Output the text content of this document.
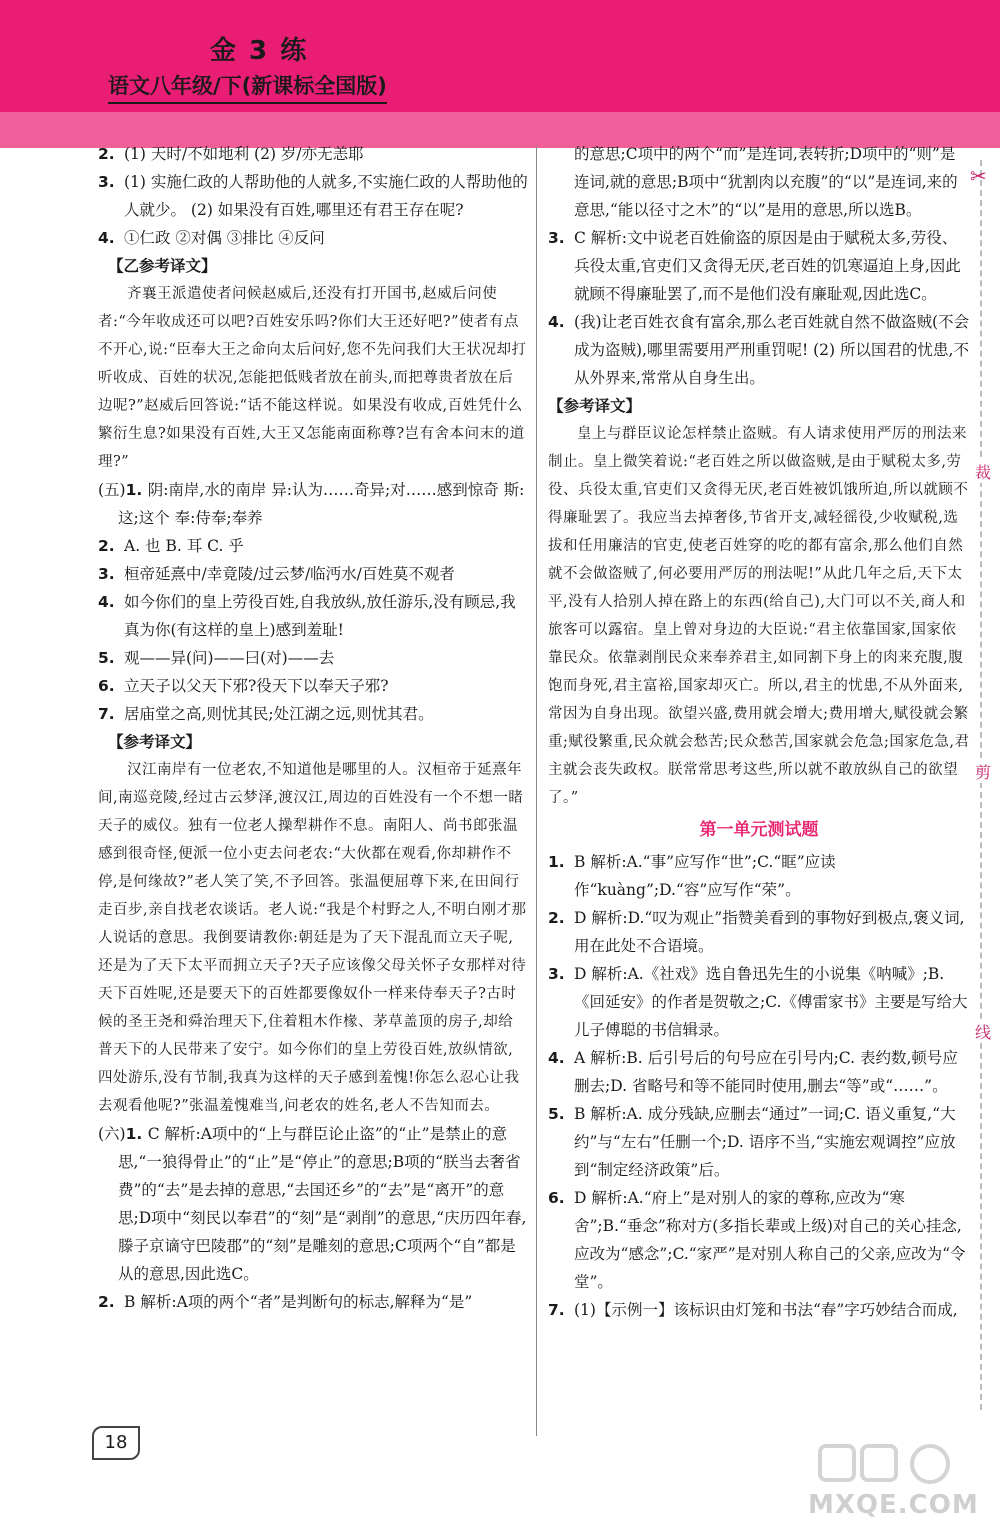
金 3 练
语文八年级/下(新课标全国版)

2. (1) 天时/不如地利 (2) 岁/亦无恙耶

3. (1) 实施仁政的人帮助他的人就多,不实施仁政的人帮助他的人就少。 (2) 如果没有百姓,哪里还有君王存在呢?

4. ①仁政 ②对偶 ③排比 ④反问

【乙参考译文】

齐襄王派遣使者问候赵威后,还没有打开国书,赵威后问使者:“今年收成还可以吧?百姓安乐吗?你们大王还好吧?”使者有点不开心,说:“臣奉大王之命向太后问好,您不先问我们大王状况却打听收成、百姓的状况,怎能把低贱者放在前头,而把尊贵者放在后边呢?”赵威后回答说:“话不能这样说。如果没有收成,百姓凭什么繁衍生息?如果没有百姓,大王又怎能南面称尊?岂有舍本问末的道理?”

(五)1. 阴:南岸,水的南岸 异:认为……奇异;对……感到惊奇 斯:这;这个 奉:侍奉;奉养

2. A. 也 B. 耳 C. 乎

3. 桓帝延熹中/幸竟陵/过云梦/临沔水/百姓莫不观者

4. 如今你们的皇上劳役百姓,自我放纵,放任游乐,没有顾忌,我真为你(有这样的皇上)感到羞耻!

5. 观——异(问)——曰(对)——去

6. 立天子以父天下邪?役天下以奉天子邪?

7. 居庙堂之高,则忧其民;处江湖之远,则忧其君。

【参考译文】

汉江南岸有一位老农,不知道他是哪里的人。汉桓帝于延熹年间,南巡竞陵,经过古云梦泽,渡汉江,周边的百姓没有一个不想一睹天子的威仪。独有一位老人操犁耕作不息。南阳人、尚书郎张温感到很奇怪,便派一位小吏去问老农:“大伙都在观看,你却耕作不停,是何缘故?”老人笑了笑,不予回答。张温便屈尊下来,在田间行走百步,亲自找老农谈话。老人说:“我是个村野之人,不明白刚才那人说话的意思。我倒要请教你:朝廷是为了天下混乱而立天子呢,还是为了天下太平而拥立天子?天子应该像父母关怀子女那样对待天下百姓呢,还是要天下的百姓都要像奴仆一样来侍奉天子?古时候的圣王尧和舜治理天下,住着粗木作椽、茅草盖顶的房子,却给普天下的人民带来了安宁。如今你们的皇上劳役百姓,放纵情欲,四处游乐,没有节制,我真为这样的天子感到羞愧!你怎么忍心让我去观看他呢?”张温羞愧难当,问老农的姓名,老人不告知而去。

(六)1. C 解析:A项中的“上与群臣论止盗”的“止”是禁止的意思,“一狼得骨止”的“止”是“停止”的意思;B项的“朕当去奢省费”的“去”是去掉的意思,“去国还乡”的“去”是“离开”的意思;D项中“刻民以奉君”的“刻”是“剥削”的意思,“庆历四年春,滕子京谪守巴陵郡”的“刻”是雕刻的意思;C项两个“自”都是从的意思,因此选C。

2. B 解析:A项的两个“者”是判断句的标志,解释为“是”

的意思;C项中的两个“而”是连词,表转折;D项中的“则”是连词,就的意思;B项中“犹割肉以充腹”的“以”是连词,来的意思,“能以径寸之木”的“以”是用的意思,所以选B。

3. C 解析:文中说老百姓偷盗的原因是由于赋税太多,劳役、兵役太重,官吏们又贪得无厌,老百姓的饥寒逼迫上身,因此就顾不得廉耻罢了,而不是他们没有廉耻观,因此选C。

4. (我)让老百姓衣食有富余,那么老百姓就自然不做盗贼(不会成为盗贼),哪里需要用严刑重罚呢! (2) 所以国君的忧患,不从外界来,常常从自身生出。

【参考译文】

皇上与群臣议论怎样禁止盗贼。有人请求使用严厉的刑法来制止。皇上微笑着说:“老百姓之所以做盗贼,是由于赋税太多,劳役、兵役太重,官吏们又贪得无厌,老百姓被饥饿所迫,所以就顾不得廉耻罢了。我应当去掉奢侈,节省开支,减轻徭役,少收赋税,选拔和任用廉洁的官吏,使老百姓穿的吃的都有富余,那么他们自然就不会做盗贼了,何必要用严厉的刑法呢!”从此几年之后,天下太平,没有人拾别人掉在路上的东西(给自己),大门可以不关,商人和旅客可以露宿。皇上曾对身边的大臣说:“君主依靠国家,国家依靠民众。依靠剥削民众来奉养君主,如同割下身上的肉来充腹,腹饱而身死,君主富裕,国家却灭亡。所以,君主的忧患,不从外面来,常因为自身出现。欲望兴盛,费用就会增大;费用增大,赋役就会繁重;赋役繁重,民众就会愁苦;民众愁苦,国家就会危急;国家危急,君主就会丧失政权。朕常常思考这些,所以就不敢放纵自己的欲望了。”

第一单元测试题

1. B 解析:A.“事”应写作“世”;C.“眶”应读作“kuàng”;D.“容”应写作“荣”。

2. D 解析:D.“叹为观止”指赞美看到的事物好到极点,褒义词,用在此处不合语境。

3. D 解析:A.《社戏》选自鲁迅先生的小说集《呐喊》;B.《回延安》的作者是贺敬之;C.《傅雷家书》主要是写给大儿子傅聪的书信辑录。

4. A 解析:B. 后引号后的句号应在引号内;C. 表约数,顿号应删去;D. 省略号和等不能同时使用,删去“等”或“……”。

5. B 解析:A. 成分残缺,应删去“通过”一词;C. 语义重复,“大约”与“左右”任删一个;D. 语序不当,“实施宏观调控”应放到“制定经济政策”后。

6. D 解析:A.“府上”是对别人的家的尊称,应改为“寒舍”;B.“垂念”称对方(多指长辈或上级)对自己的关心挂念,应改为“感念”;C.“家严”是对别人称自己的父亲,应改为“令堂”。

7. (1)【示例一】该标识由灯笼和书法“春”字巧妙结合而成,

✂
裁
剪
线
18
MXQE.COM
